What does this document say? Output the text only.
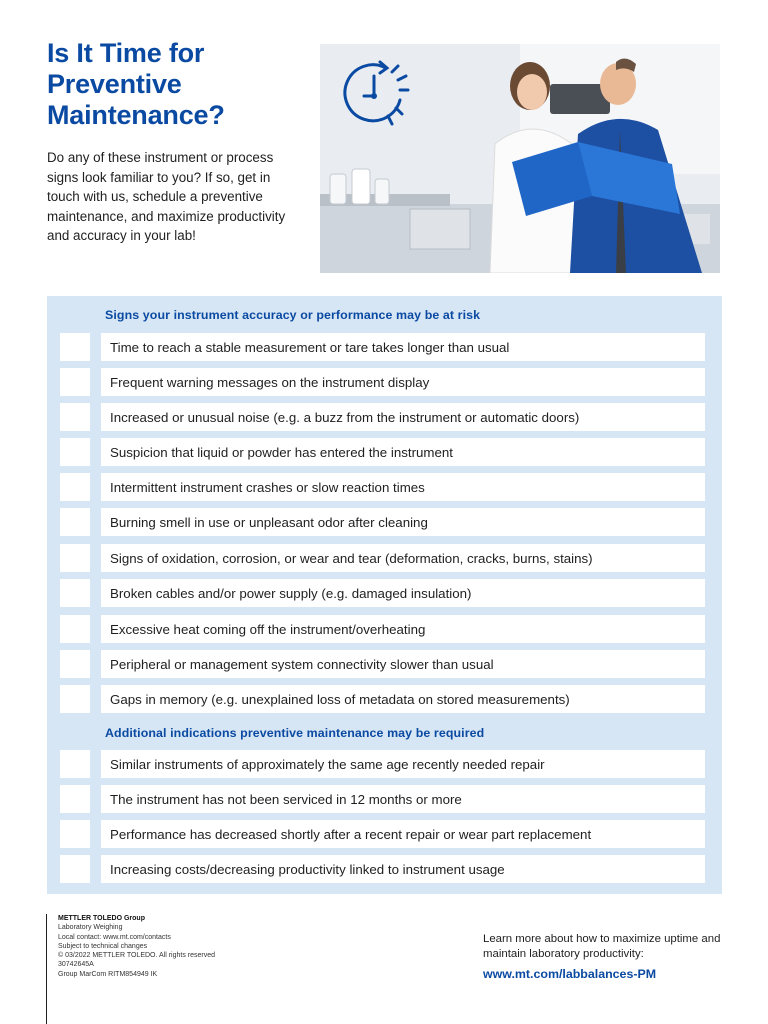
Is It Time for Preventive Maintenance?

Do any of these instrument or process signs look familiar to you? If so, get in touch with us, schedule a preventive maintenance, and maximize productivity and accuracy in your lab!

Signs your instrument accuracy or performance may be at risk
Time to reach a stable measurement or tare takes longer than usual
Frequent warning messages on the instrument display
Increased or unusual noise (e.g. a buzz from the instrument or automatic doors)
Suspicion that liquid or powder has entered the instrument
Intermittent instrument crashes or slow reaction times
Burning smell in use or unpleasant odor after cleaning
Signs of oxidation, corrosion, or wear and tear (deformation, cracks, burns, stains)
Broken cables and/or power supply (e.g. damaged insulation)
Excessive heat coming off the instrument/overheating
Peripheral or management system connectivity slower than usual
Gaps in memory (e.g. unexplained loss of metadata on stored measurements)
Additional indications preventive maintenance may be required
Similar instruments of approximately the same age recently needed repair
The instrument has not been serviced in 12 months or more
Performance has decreased shortly after a recent repair or wear part replacement
Increasing costs/decreasing productivity linked to instrument usage
METTLER TOLEDO Group
Laboratory Weighing
Local contact: www.mt.com/contacts
Subject to technical changes
© 03/2022 METTLER TOLEDO. All rights reserved
30742645A
Group MarCom RITM854949 IK
Learn more about how to maximize uptime and maintain laboratory productivity:
www.mt.com/labbalances-PM
